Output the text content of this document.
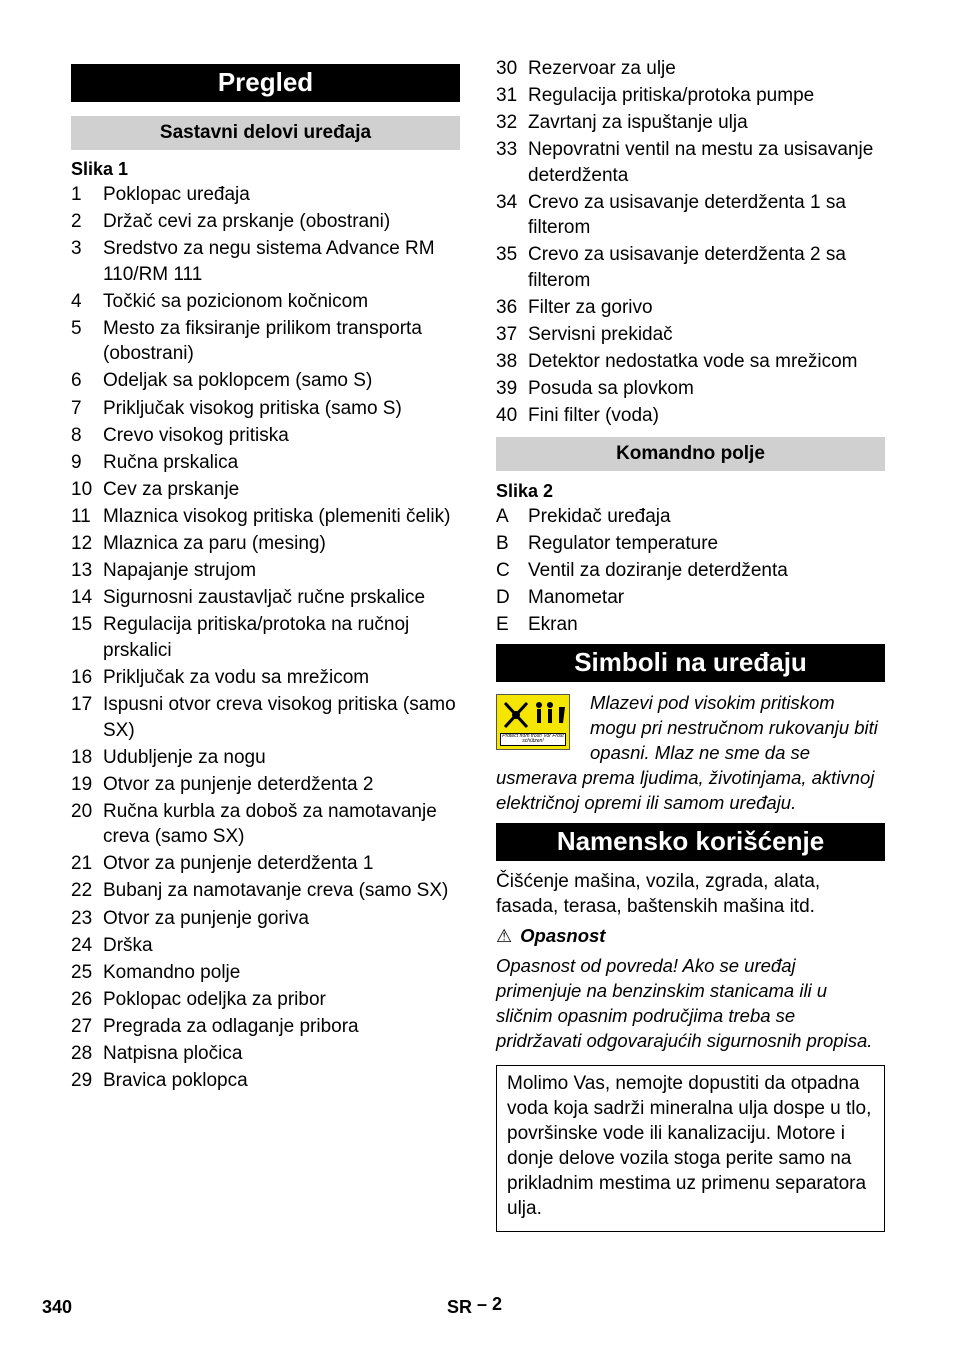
Pregled
Sastavni delovi uređaja
Slika 1
1	Poklopac uređaja
2	Držač cevi za prskanje (obostrani)
3	Sredstvo za negu sistema Advance RM 110/RM 111
4	Točkić sa pozicionom kočnicom
5	Mesto za fiksiranje prilikom transporta (obostrani)
6	Odeljak sa poklopcem (samo S)
7	Priključak visokog pritiska (samo S)
8	Crevo visokog pritiska
9	Ručna prskalica
10 Cev za prskanje
11 Mlaznica visokog pritiska (plemeniti čelik)
12 Mlaznica za paru (mesing)
13 Napajanje strujom
14 Sigurnosni zaustavljač ručne prskalice
15 Regulacija pritiska/protoka na ručnoj prskalici
16 Priključak za vodu sa mrežicom
17 Ispusni otvor creva visokog pritiska (samo SX)
18 Udubljenje za nogu
19 Otvor za punjenje deterdženta 2
20 Ručna kurbla za doboš za namotavanje creva (samo SX)
21 Otvor za punjenje deterdženta 1
22 Bubanj za namotavanje creva (samo SX)
23 Otvor za punjenje goriva
24 Drška
25 Komandno polje
26 Poklopac odeljka za pribor
27 Pregrada za odlaganje pribora
28 Natpisna pločica
29 Bravica poklopca
30 Rezervoar za ulje
31 Regulacija pritiska/protoka pumpe
32 Zavrtanj za ispuštanje ulja
33 Nepovratni ventil na mestu za usisavanje deterdženta
34 Crevo za usisavanje deterdženta 1 sa filterom
35 Crevo za usisavanje deterdženta 2 sa filterom
36 Filter za gorivo
37 Servisni prekidač
38 Detektor nedostatka vode sa mrežicom
39 Posuda sa plovkom
40 Fini filter (voda)
Komandno polje
Slika 2
A	Prekidač uređaja
B	Regulator temperature
C Ventil za doziranje deterdženta
D Manometar
E	Ekran
Simboli na uređaju
Protect from frost! Vor Frost schützen!
Mlazevi pod visokim pritiskom mogu pri nestručnom rukovanju biti opasni. Mlaz ne sme da se usmerava prema ljudima, životinjama, aktivnoj električnoj opremi ili samom uređaju.
Namensko korišćenje
Čišćenje mašina, vozila, zgrada, alata, fasada, terasa, baštenskih mašina itd.
⚠ Opasnost
Opasnost od povreda! Ako se uređaj primenjuje na benzinskim stanicama ili u sličnim opasnim područjima treba se pridržavati odgovarajućih sigurnosnih propisa.
Molimo Vas, nemojte dopustiti da otpadna voda koja sadrži mineralna ulja dospe u tlo, površinske vode ili kanalizaciju. Motore i donje delove vozila stoga perite samo na prikladnim mestima uz primenu separatora ulja.
340	SR – 2
